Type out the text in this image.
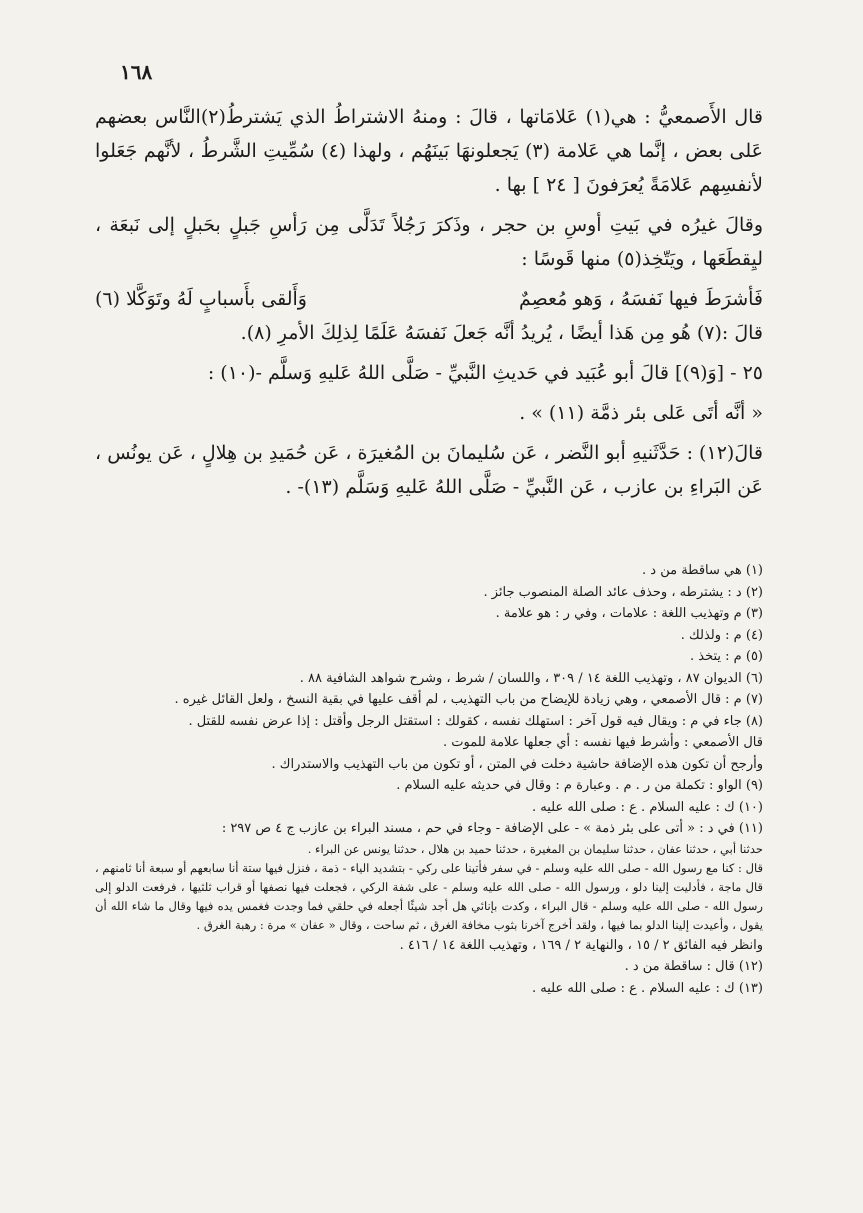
١٦٨

قال الأَصمعيُّ : هي(١) عَلامَاتها ، قالَ : ومنهُ الاشتراطُ الذي يَشترطُ(٢)النَّاس بعضهم عَلى بعض ، إنَّما هي عَلامة (٣) يَجعلونهَا بَينَهُم ، ولهذا (٤) سُمِّيتِ الشَّرطُ ، لأنَّهم جَعَلوا لأنفسِهم عَلامَةً يُعرَفونَ [ ٢٤ ] بها .

وقالَ غيرُه في بَيتِ أوسِ بن حجر ، وذَكرَ رَجُلاً تَدَلَّى مِن رَأسِ جَبلٍ بحَبلٍ إلى نَبعَة ، ليِقطَعَها ، ويَتّخِذ(٥) منها قَوسًا :

فَأشرَطَ فيها نَفسَهُ ، وَهو مُعصِمٌ
وَأَلقى بأَسبابٍ لَهُ وتَوَكَّلا (٦)

قالَ :(٧) هُو مِن هَذا أيضًا ، يُريدُ أنَّه جَعلَ نَفسَهُ عَلَمًا لِذلِكَ الأمرِ (٨).

٢٥ - [وَ(٩)] قالَ أبو عُبَيد في حَديثِ النَّبيِّ - صَلَّى اللهُ عَليهِ وَسلَّم -(١٠) :

« أنَّه أتَى عَلى بئر ذمَّة (١١) » .

قالَ(١٢) : حَدَّثَنيهِ أبو النَّضر ، عَن سُليمانَ بن المُغيرَة ، عَن حُمَيدِ بن هِلالٍ ، عَن يونُس ، عَن البَراءِ بن عازب ، عَن النَّبيِّ - صَلَّى اللهُ عَليهِ وَسَلَّم (١٣)- .

(١) هي ساقطة من د .
(٢) د : يشترطه ، وحذف عائد الصلة المنصوب جائز .
(٣) م وتهذيب اللغة : علامات ، وفي ر : هو علامة .
(٤) م : ولذلك .
(٥) م : يتخذ .
(٦) الديوان ٨٧ ، وتهذيب اللغة ١٤ / ٣٠٩ ، واللسان / شرط ، وشرح شواهد الشافية ٨٨ .
(٧) م : قال الأصمعي ، وهي زيادة للإيضاح من باب التهذيب ، لم أقف عليها في بقية النسخ ، ولعل القائل غيره .
(٨) جاء في م : ويقال فيه قول آخر : استهلك نفسه ، كقولك : استقتل الرجل وأقتل : إذا عرض نفسه للقتل .
قال الأصمعي : وأشرط فيها نفسه : أي جعلها علامة للموت .
وأرجح أن تكون هذه الإضافة حاشية دخلت في المتن ، أو تكون من باب التهذيب والاستدراك .
(٩) الواو : تكملة من ر . م . وعبارة م : وقال في حديثه عليه السلام .
(١٠) ك : عليه السلام . ع : صلى الله عليه .
(١١) في د : « أتى على بئر ذمة » - على الإضافة - وجاء في حم ، مسند البراء بن عازب ج ٤ ص ٢٩٧ :
حدثنا أبي ، حدثنا عفان ، حدثنا سليمان بن المغيرة ، حدثنا حميد بن هلال ، حدثنا يونس عن البراء .
قال : كنا مع رسول الله - صلى الله عليه وسلم - في سفر فأتينا على ركي - بتشديد الياء - ذمة ، فنزل فيها ستة أنا سابعهم أو سبعة أنا ثامنهم ، قال ماجة ، فأدليت إلينا دلو ، ورسول الله - صلى الله عليه وسلم - على شفة الركي ، فجعلت فيها نصفها أو قراب ثلثيها ، فرفعت الدلو إلى رسول الله - صلى الله عليه وسلم - قال البراء ، وكدت بإنائي هل أجد شيئًا أجعله في حلقي فما وجدت فغمس يده فيها وقال ما شاء الله أن يقول ، وأعيدت إلينا الدلو بما فيها ، ولقد أخرج آخرنا بثوب مخافة الغرق ، ثم ساحت ، وقال « عفان » مرة : رهبة الغرق .
وانظر فيه الفائق ٢ / ١٥ ، والنهاية ٢ / ١٦٩ ، وتهذيب اللغة ١٤ / ٤١٦ .
(١٢) قال : ساقطة من د .
(١٣) ك : عليه السلام . ع : صلى الله عليه .
